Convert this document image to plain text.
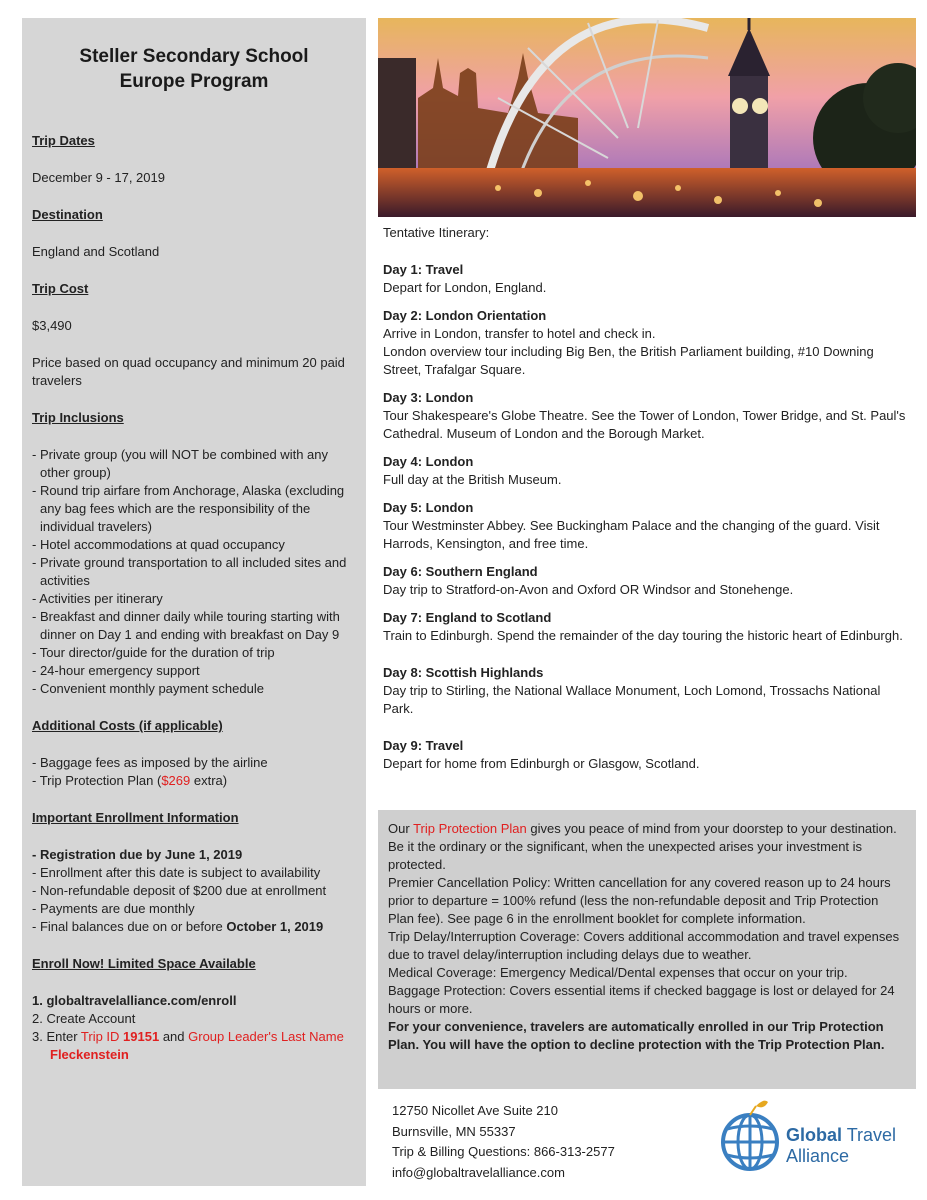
Steller Secondary School
Europe Program

Trip Dates

December 9 - 17, 2019

Destination

England and Scotland

Trip Cost

$3,490

Price based on quad occupancy and minimum 20 paid travelers

Trip Inclusions

- Private group (you will NOT be combined with any other group)
- Round trip airfare from Anchorage, Alaska (excluding any bag fees which are the responsibility of the individual travelers)
- Hotel accommodations at quad occupancy
- Private ground transportation to all included sites and activities
- Activities per itinerary
- Breakfast and dinner daily while touring starting with dinner on Day 1 and ending with breakfast on Day 9
- Tour director/guide for the duration of trip
- 24-hour emergency support
- Convenient monthly payment schedule

Additional Costs (if applicable)

- Baggage fees as imposed by the airline
- Trip Protection Plan ($269 extra)

Important Enrollment Information

- Registration due by June 1, 2019
- Enrollment after this date is subject to availability
- Non-refundable deposit of $200 due at enrollment
- Payments are due monthly
- Final balances due on or before October 1, 2019

Enroll Now! Limited Space Available

1. globaltravelalliance.com/enroll
2. Create Account
3. Enter Trip ID 19151 and Group Leader's Last Name Fleckenstein

Tentative Itinerary:

Day 1: Travel
Depart for London, England.
Day 2: London Orientation
Arrive in London, transfer to hotel and check in.
London overview tour including Big Ben, the British Parliament building, #10 Downing Street, Trafalgar Square.
Day 3: London
Tour Shakespeare's Globe Theatre. See the Tower of London, Tower Bridge, and St. Paul's Cathedral. Museum of London and the Borough Market.
Day 4: London
Full day at the British Museum.
Day 5: London
Tour Westminster Abbey. See Buckingham Palace and the changing of the guard. Visit Harrods, Kensington, and free time.
Day 6: Southern England
Day trip to Stratford-on-Avon and Oxford OR Windsor and Stonehenge.
Day 7: England to Scotland
Train to Edinburgh. Spend the remainder of the day touring the historic heart of Edinburgh.
Day 8: Scottish Highlands
Day trip to Stirling, the National Wallace Monument, Loch Lomond, Trossachs National Park.
Day 9: Travel
Depart for home from Edinburgh or Glasgow, Scotland.

Our Trip Protection Plan gives you peace of mind from your doorstep to your destination. Be it the ordinary or the significant, when the unexpected arises your investment is protected.

Premier Cancellation Policy: Written cancellation for any covered reason up to 24 hours prior to departure = 100% refund (less the non-refundable deposit and Trip Protection Plan fee). See page 6 in the enrollment booklet for complete information.

Trip Delay/Interruption Coverage: Covers additional accommodation and travel expenses due to travel delay/interruption including delays due to weather.

Medical Coverage: Emergency Medical/Dental expenses that occur on your trip.

Baggage Protection: Covers essential items if checked baggage is lost or delayed for 24 hours or more.

For your convenience, travelers are automatically enrolled in our Trip Protection Plan. You will have the option to decline protection with the Trip Protection Plan.

12750 Nicollet Ave Suite 210
Burnsville, MN 55337
Trip & Billing Questions: 866-313-2577
info@globaltravelalliance.com
Global Travel
Alliance
